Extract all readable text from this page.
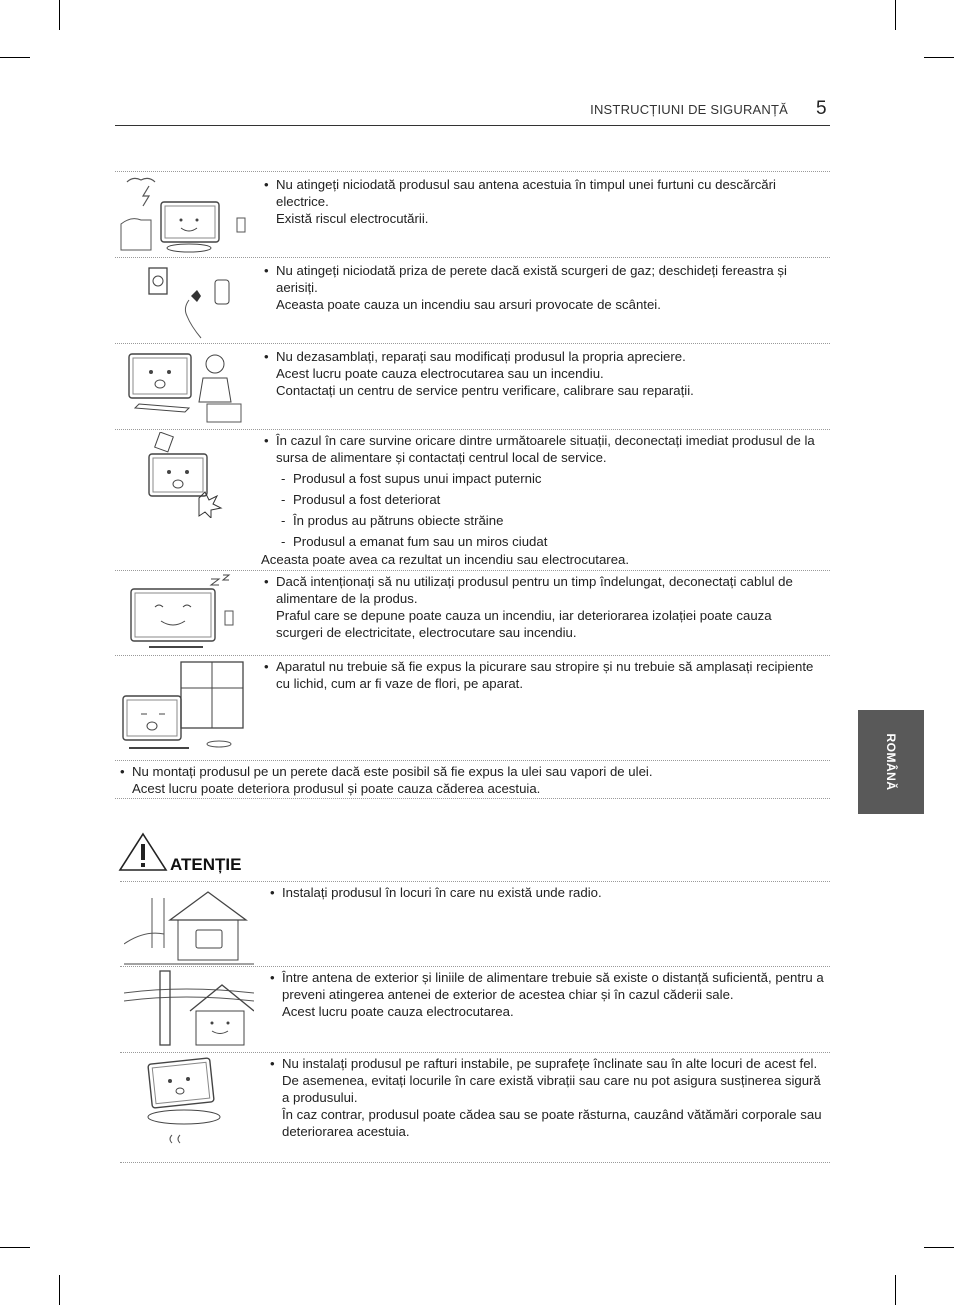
INSTRUCȚIUNI DE SIGURANȚĂ 5
ROMÂNĂ
• Nu atingeți niciodată produsul sau antena acestuia în timpul unei furtuni cu descărcări electrice.
Există riscul electrocutării.
• Nu atingeți niciodată priza de perete dacă există scurgeri de gaz; deschideți fereastra și aerisiți.
Aceasta poate cauza un incendiu sau arsuri provocate de scântei.
• Nu dezasamblați, reparați sau modificați produsul la propria apreciere.
Acest lucru poate cauza electrocutarea sau un incendiu.
Contactați un centru de service pentru verificare, calibrare sau reparații.
• În cazul în care survine oricare dintre următoarele situații, deconectați imediat produsul de la sursa de alimentare și contactați centrul local de service.
- Produsul a fost supus unui impact puternic
- Produsul a fost deteriorat
- În produs au pătruns obiecte străine
- Produsul a emanat fum sau un miros ciudat
Aceasta poate avea ca rezultat un incendiu sau electrocutarea.
• Dacă intenționați să nu utilizați produsul pentru un timp îndelungat, deconectați cablul de alimentare de la produs.
Praful care se depune poate cauza un incendiu, iar deteriorarea izolației poate cauza scurgeri de electricitate, electrocutare sau incendiu.
• Aparatul nu trebuie să fie expus la picurare sau stropire și nu trebuie să amplasați recipiente cu lichid, cum ar fi vaze de flori, pe aparat.
• Nu montați produsul pe un perete dacă este posibil să fie expus la ulei sau vapori de ulei.
Acest lucru poate deteriora produsul și poate cauza căderea acestuia.
ATENȚIE
• Instalați produsul în locuri în care nu există unde radio.
• Între antena de exterior și liniile de alimentare trebuie să existe o distanță suficientă, pentru a preveni atingerea antenei de exterior de acestea chiar și în cazul căderii sale.
Acest lucru poate cauza electrocutarea.
• Nu instalați produsul pe rafturi instabile, pe suprafețe înclinate sau în alte locuri de acest fel. De asemenea, evitați locurile în care există vibrații sau care nu pot asigura susținerea sigură a produsului.
În caz contrar, produsul poate cădea sau se poate răsturna, cauzând vătămări corporale sau deteriorarea acestuia.
